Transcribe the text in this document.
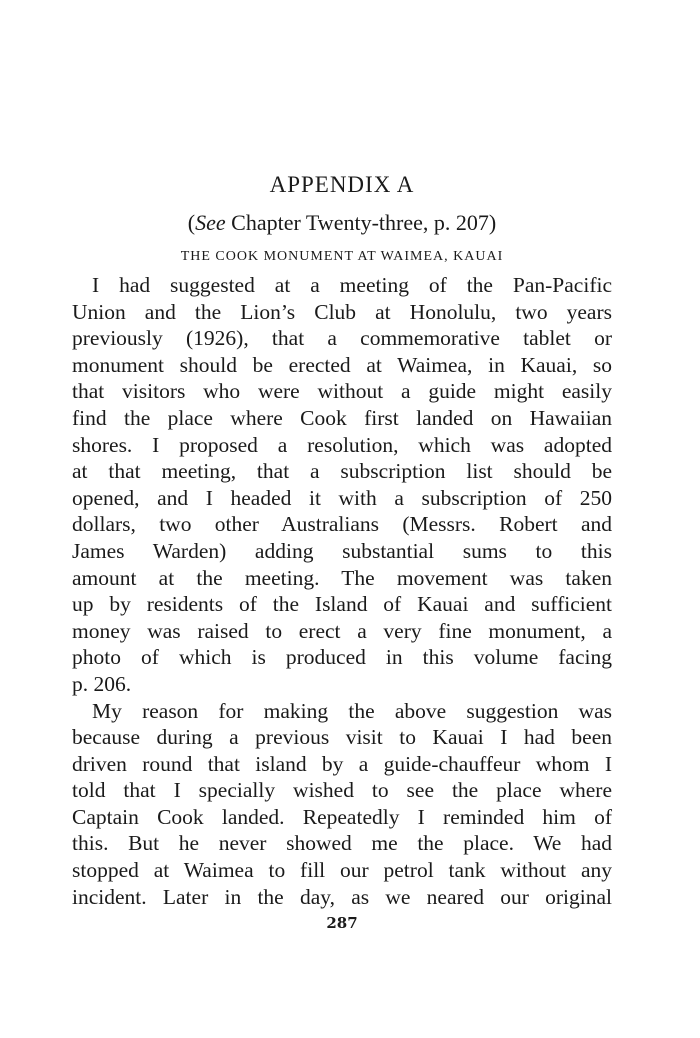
APPENDIX A
(See Chapter Twenty-three, p. 207)
THE COOK MONUMENT AT WAIMEA, KAUAI
I had suggested at a meeting of the Pan-Pacific
Union and the Lion’s Club at Honolulu, two years
previously (1926), that a commemorative tablet or
monument should be erected at Waimea, in Kauai, so
that visitors who were without a guide might easily
find the place where Cook first landed on Hawaiian
shores. I proposed a resolution, which was adopted
at that meeting, that a subscription list should be
opened, and I headed it with a subscription of 250
dollars, two other Australians (Messrs. Robert and
James Warden) adding substantial sums to this
amount at the meeting. The movement was taken
up by residents of the Island of Kauai and sufficient
money was raised to erect a very fine monument, a
photo of which is produced in this volume facing
p. 206.
My reason for making the above suggestion was
because during a previous visit to Kauai I had been
driven round that island by a guide-chauffeur whom I
told that I specially wished to see the place where
Captain Cook landed. Repeatedly I reminded him of
this. But he never showed me the place. We had
stopped at Waimea to fill our petrol tank without any
incident. Later in the day, as we neared our original
287
